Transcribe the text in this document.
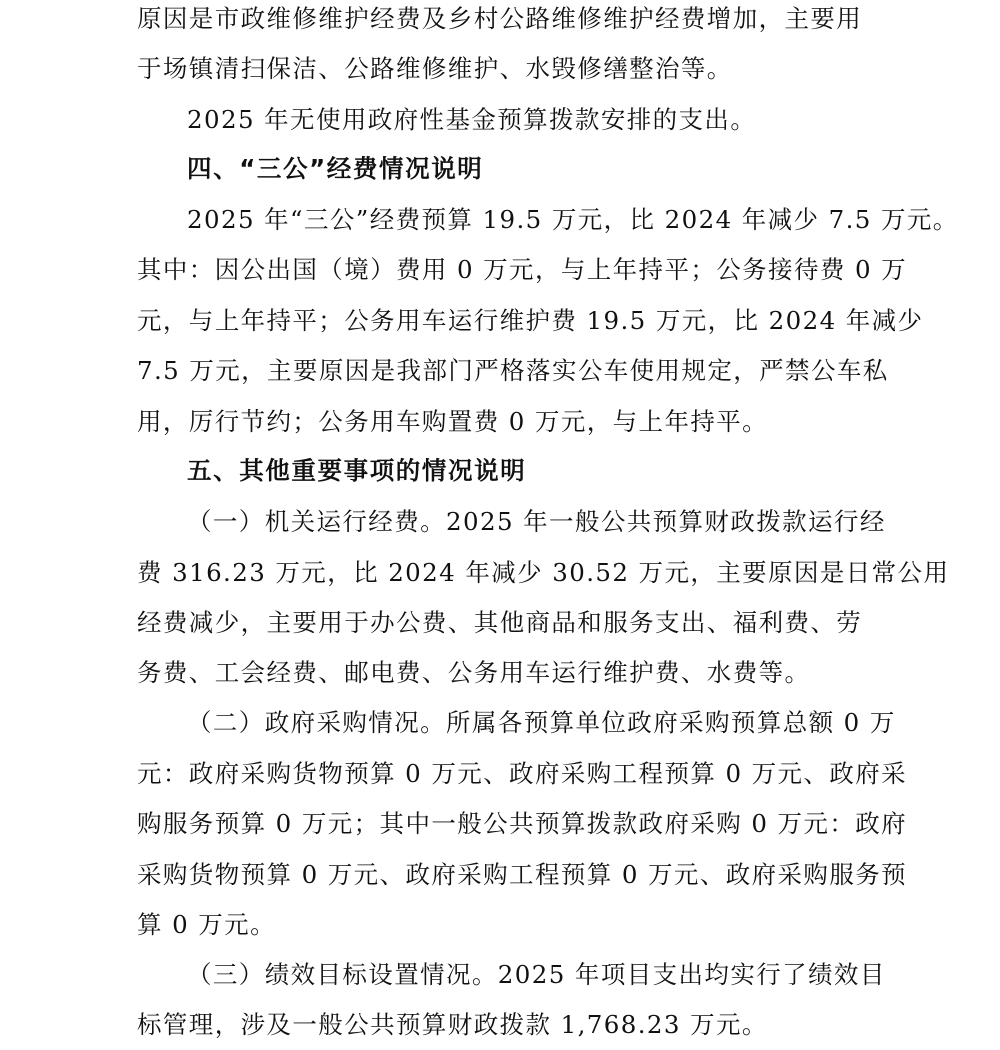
原因是市政维修维护经费及乡村公路维修维护经费增加，主要用
于场镇清扫保洁、公路维修维护、水毁修缮整治等。
2025 年无使用政府性基金预算拨款安排的支出。
四、“三公”经费情况说明
2025 年“三公”经费预算 19.5 万元，比 2024 年减少 7.5 万元。
其中：因公出国（境）费用 0 万元，与上年持平；公务接待费 0 万
元，与上年持平；公务用车运行维护费 19.5 万元，比 2024 年减少
7.5 万元，主要原因是我部门严格落实公车使用规定，严禁公车私
用，厉行节约；公务用车购置费 0 万元，与上年持平。
五、其他重要事项的情况说明
（一）机关运行经费。2025 年一般公共预算财政拨款运行经
费 316.23 万元，比 2024 年减少 30.52 万元，主要原因是日常公用
经费减少，主要用于办公费、其他商品和服务支出、福利费、劳
务费、工会经费、邮电费、公务用车运行维护费、水费等。
（二）政府采购情况。所属各预算单位政府采购预算总额 0 万
元：政府采购货物预算 0 万元、政府采购工程预算 0 万元、政府采
购服务预算 0 万元；其中一般公共预算拨款政府采购 0 万元：政府
采购货物预算 0 万元、政府采购工程预算 0 万元、政府采购服务预
算 0 万元。
（三）绩效目标设置情况。2025 年项目支出均实行了绩效目
标管理，涉及一般公共预算财政拨款 1,768.23 万元。
